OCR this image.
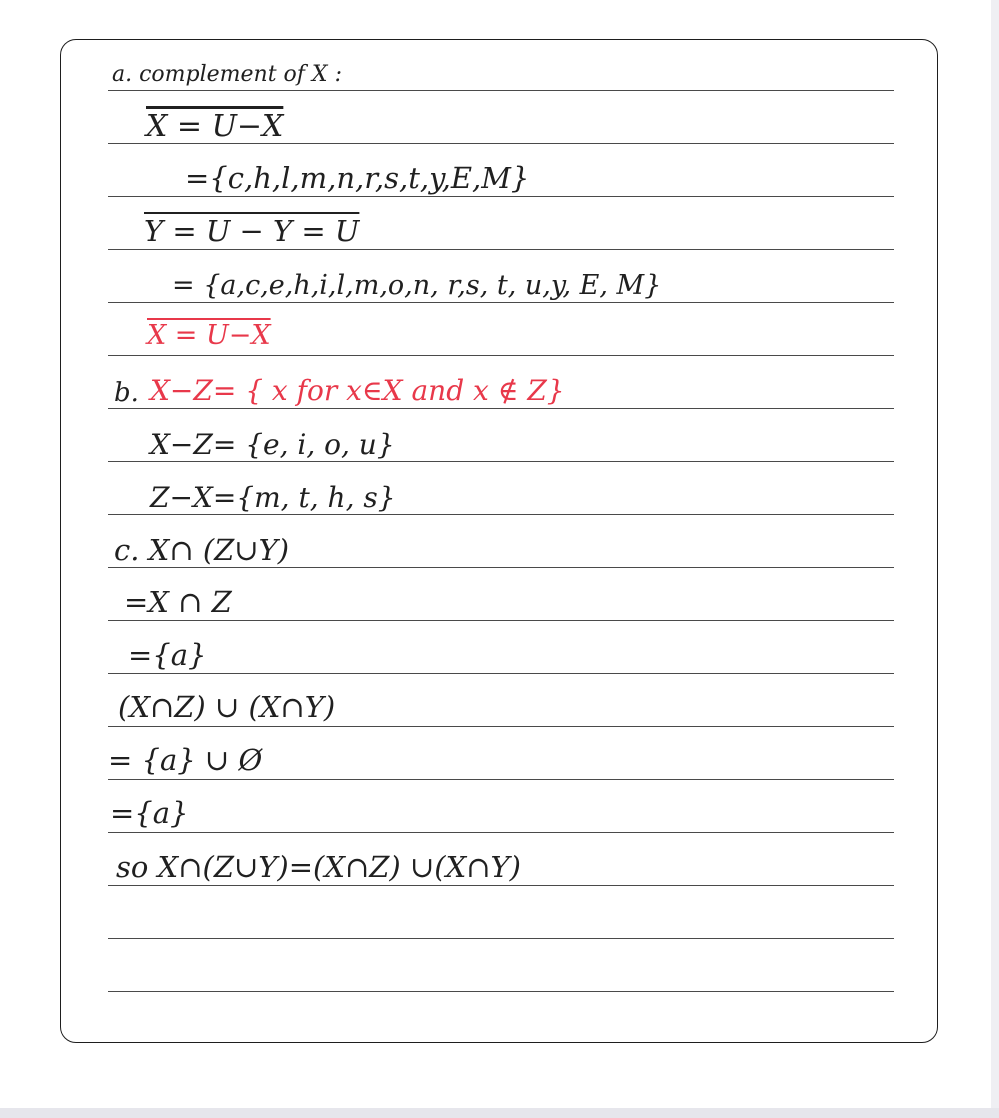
a. complement of X :
X = U−X
={c,h,l,m,n,r,s,t,y,E,M}
Y = U − Y = U
= {a,c,e,h,i,l,m,o,n, r,s, t, u,y, E, M}
X = U−X
b. X−Z= { x for x∈X and x ∉ Z}
X−Z= {e, i, o, u}
Z−X={m, t, h, s}
c. X∩ (Z∪Y)
=X ∩ Z
={a}
(X∩Z) ∪ (X∩Y)
= {a} ∪ Ø
={a}
so X∩(Z∪Y)=(X∩Z) ∪(X∩Y)
